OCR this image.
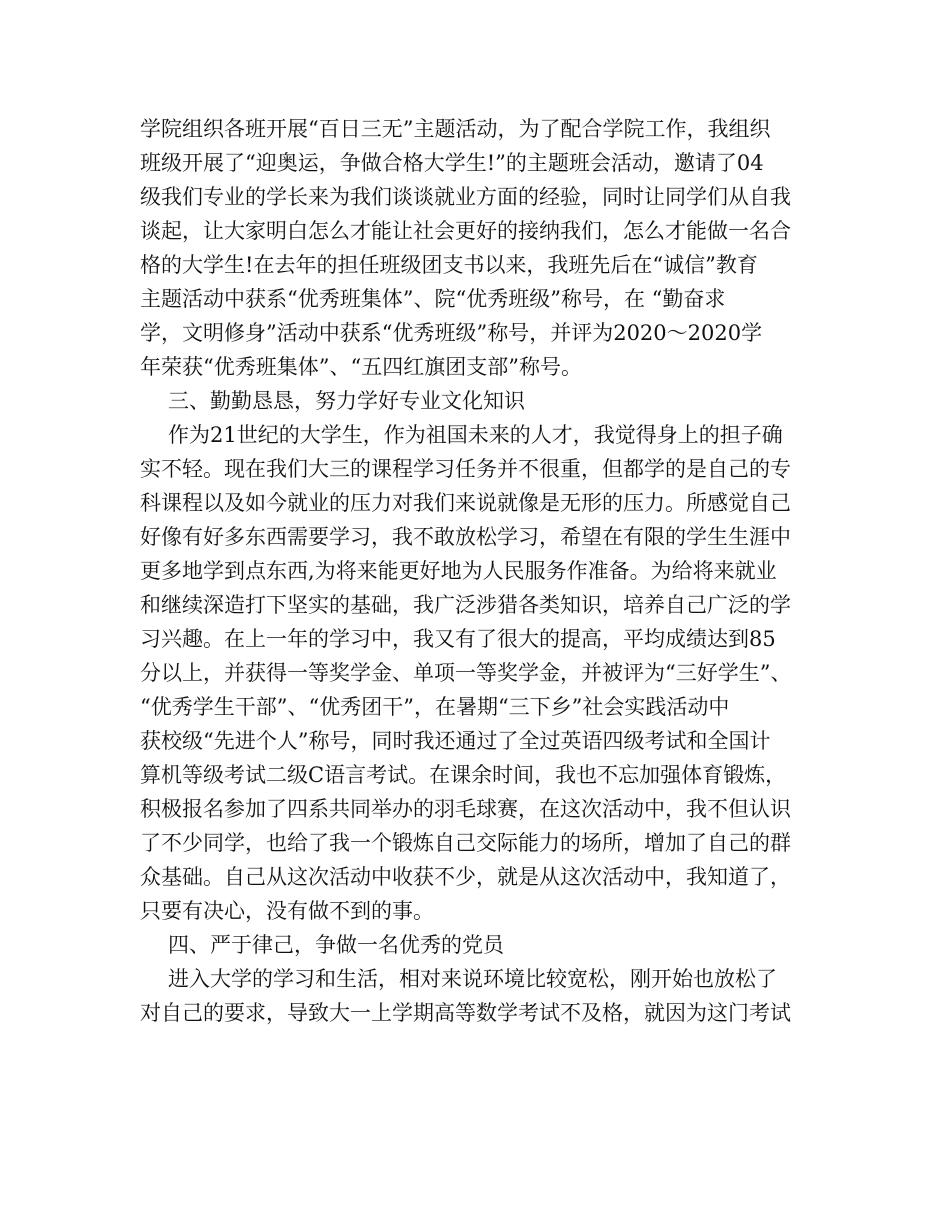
学院组织各班开展“百日三无”主题活动，为了配合学院工作，我组织
班级开展了“迎奥运，争做合格大学生!”的主题班会活动，邀请了04
级我们专业的学长来为我们谈谈就业方面的经验，同时让同学们从自我
谈起，让大家明白怎么才能让社会更好的接纳我们，怎么才能做一名合
格的大学生!在去年的担任班级团支书以来，我班先后在“诚信”教育
主题活动中获系“优秀班集体”、院“优秀班级”称号，在 “勤奋求
学，文明修身”活动中获系“优秀班级”称号，并评为2020～2020学
年荣获“优秀班集体”、“五四红旗团支部”称号。
三、勤勤恳恳，努力学好专业文化知识
作为21世纪的大学生，作为祖国未来的人才，我觉得身上的担子确
实不轻。现在我们大三的课程学习任务并不很重，但都学的是自己的专
科课程以及如今就业的压力对我们来说就像是无形的压力。所感觉自己
好像有好多东西需要学习，我不敢放松学习，希望在有限的学生生涯中
更多地学到点东西,为将来能更好地为人民服务作准备。为给将来就业
和继续深造打下坚实的基础，我广泛涉猎各类知识，培养自己广泛的学
习兴趣。在上一年的学习中，我又有了很大的提高，平均成绩达到85
分以上，并获得一等奖学金、单项一等奖学金，并被评为“三好学生”、
“优秀学生干部”、“优秀团干”，在暑期“三下乡”社会实践活动中
获校级“先进个人”称号，同时我还通过了全过英语四级考试和全国计
算机等级考试二级C语言考试。在课余时间，我也不忘加强体育锻炼，
积极报名参加了四系共同举办的羽毛球赛，在这次活动中，我不但认识
了不少同学，也给了我一个锻炼自己交际能力的场所，增加了自己的群
众基础。自己从这次活动中收获不少，就是从这次活动中，我知道了，
只要有决心，没有做不到的事。
四、严于律己，争做一名优秀的党员
进入大学的学习和生活，相对来说环境比较宽松，刚开始也放松了
对自己的要求，导致大一上学期高等数学考试不及格，就因为这门考试
